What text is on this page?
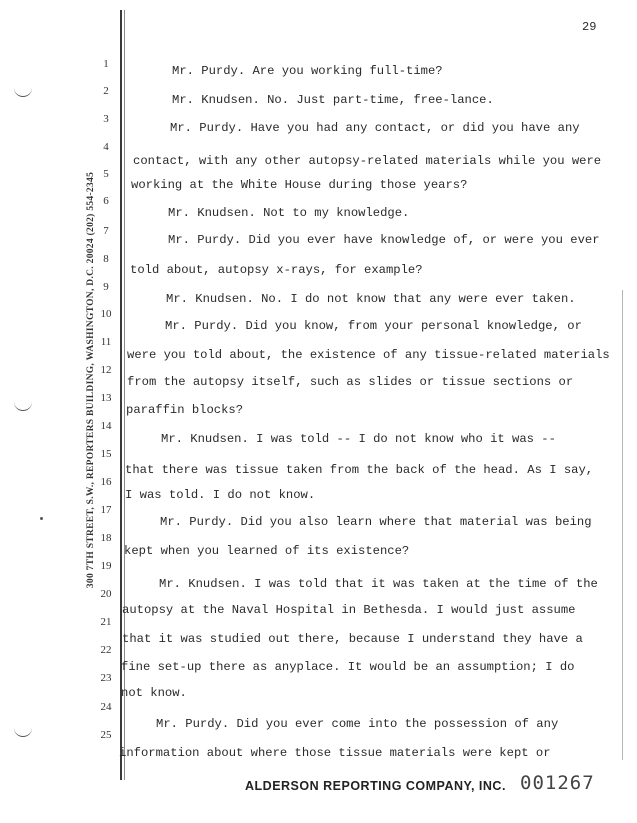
29
300 7TH STREET, S.W., REPORTERS BUILDING, WASHINGTON, D.C. 20024 (202) 554-2345
1	Mr. Purdy. Are you working full-time?
2
Mr. Knudsen. No. Just part-time, free-lance.
3
Mr. Purdy. Have you had any contact, or did you have any
4
contact, with any other autopsy-related materials while you were
5
working at the White House during those years?
6
Mr. Knudsen. Not to my knowledge.
7
Mr. Purdy. Did you ever have knowledge of, or were you ever
8
told about, autopsy x-rays, for example?
9
Mr. Knudsen. No. I do not know that any were ever taken.
10
Mr. Purdy. Did you know, from your personal knowledge, or
11
were you told about, the existence of any tissue-related materials
12
from the autopsy itself, such as slides or tissue sections or
13
paraffin blocks?
14
Mr. Knudsen. I was told -- I do not know who it was --
15
that there was tissue taken from the back of the head. As I say,
16
I was told. I do not know.
17
Mr. Purdy. Did you also learn where that material was being
18
kept when you learned of its existence?
19
Mr. Knudsen. I was told that it was taken at the time of the
20
autopsy at the Naval Hospital in Bethesda. I would just assume
21
that it was studied out there, because I understand they have a
22
fine set-up there as anyplace. It would be an assumption; I do
23
not know.
24
Mr. Purdy. Did you ever come into the possession of any
25
information about where those tissue materials were kept or
ALDERSON REPORTING COMPANY, INC. 001267
